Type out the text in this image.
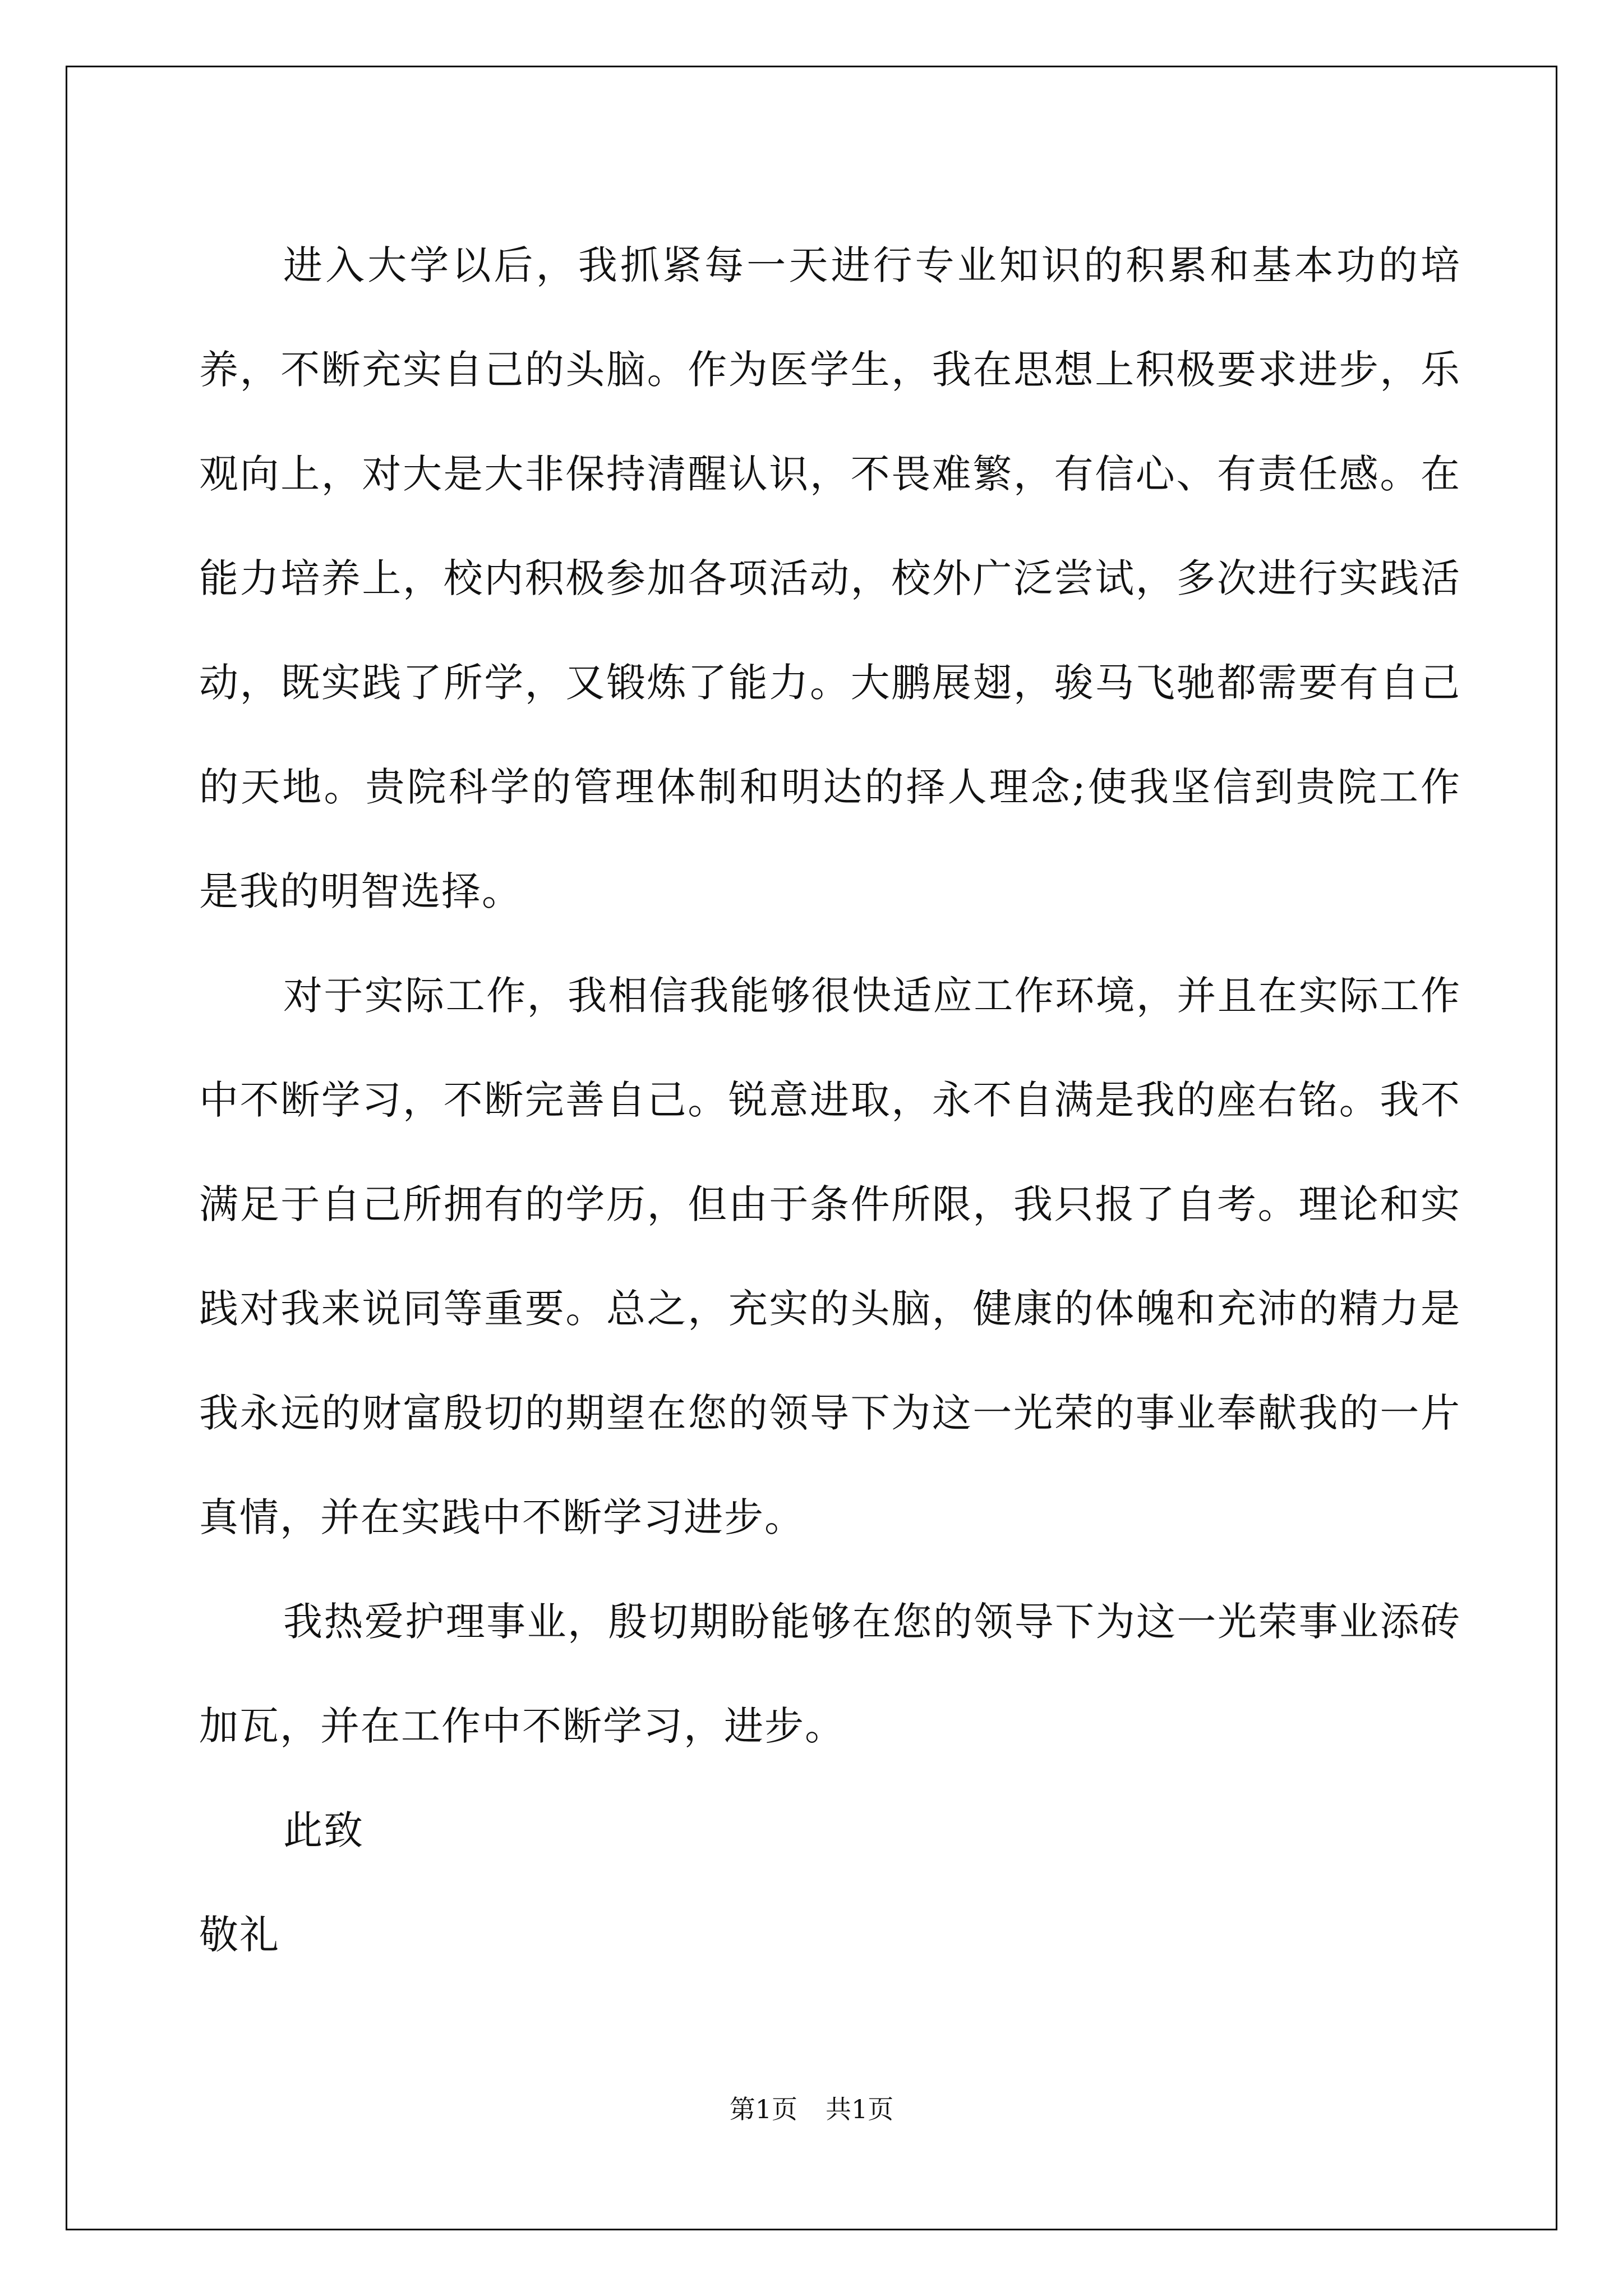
进入大学以后，我抓紧每一天进行专业知识的积累和基本功的培养，不断充实自己的头脑。作为医学生，我在思想上积极要求进步，乐观向上，对大是大非保持清醒认识，不畏难繁，有信心、有责任感。在能力培养上，校内积极参加各项活动，校外广泛尝试，多次进行实践活动，既实践了所学，又锻炼了能力。大鹏展翅，骏马飞驰都需要有自己的天地。贵院科学的管理体制和明达的择人理念;使我坚信到贵院工作是我的明智选择。

对于实际工作，我相信我能够很快适应工作环境，并且在实际工作中不断学习，不断完善自己。锐意进取，永不自满是我的座右铭。我不满足于自己所拥有的学历，但由于条件所限，我只报了自考。理论和实践对我来说同等重要。总之，充实的头脑，健康的体魄和充沛的精力是我永远的财富殷切的期望在您的领导下为这一光荣的事业奉献我的一片真情，并在实践中不断学习进步。

我热爱护理事业，殷切期盼能够在您的领导下为这一光荣事业添砖加瓦，并在工作中不断学习，进步。

此致

敬礼

第1页 共1页
